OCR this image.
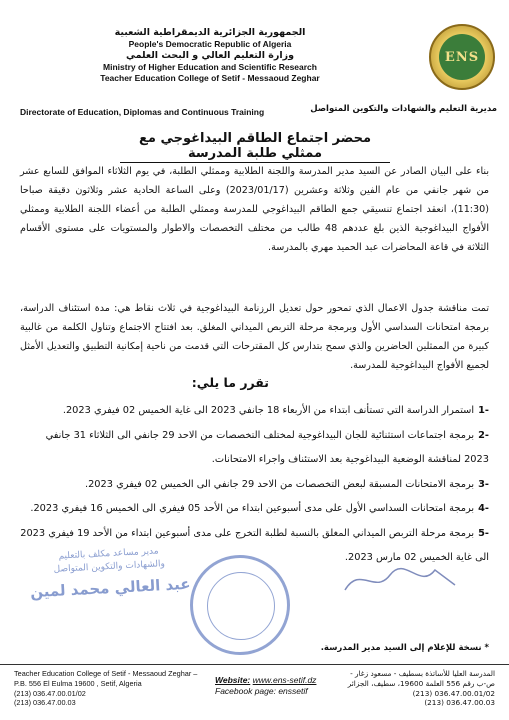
الجمهورية الجزائرية الديمقراطية الشعبية
People's Democratic Republic of Algeria
وزارة التعليم العالي و البحث العلمي
Ministry of Higher Education and Scientific Research
Teacher Education College of Setif - Messaoud Zeghar
ENS
Directorate of Education, Diplomas and Continuous Training	مديرية التعليم والشهادات والتكوين المتواصل
محضر اجتماع الطاقم البيداغوجي مع ممثلي طلبة المدرسة

بناء على البيان الصادر عن السيد مدير المدرسة واللجنة الطلابية وممثلي الطلبة، في يوم الثلاثاء الموافق للسابع عشر من شهر جانفي من عام الفين وثلاثة وعشرين (2023/01/17) وعلى الساعة الحادية عشر وثلاثون دقيقة صباحا (11:30)، انعقد اجتماع تنسيقي جمع الطاقم البيداغوجي للمدرسة وممثلي الطلبة من أعضاء اللجنة الطلابية وممثلي الأفواج البيداغوجية الذين بلغ عددهم 48 طالب من مختلف التخصصات والاطوار والمستويات على مستوى الأقسام الثلاثة في قاعة المحاضرات عبد الحميد مهري بالمدرسة.

تمت مناقشة جدول الاعمال الذي تمحور حول تعديل الرزنامة البيداغوجية في ثلاث نقاط هي: مدة استئناف الدراسة، برمجة امتحانات السداسي الأول وبرمجة مرحلة التربص الميداني المغلق. بعد افتتاح الاجتماع وتناول الكلمة من غالبية كبيرة من الممثلين الحاضرين والذي سمح بتدارس كل المقترحات التي قدمت من ناحية إمكانية التطبيق والتعديل الأمثل لجميع الأفواج البيداغوجية للمدرسة.

تقرر ما يلي:
-1استمرار الدراسة التي تستأنف ابتداء من الأربعاء 18 جانفي 2023 الى غاية الخميس 02 فيفري 2023.
-2برمجة اجتماعات استثنائية للجان البيداغوجية لمختلف التخصصات من الاحد 29 جانفي الى الثلاثاء 31 جانفي 2023 لمناقشة الوضعية البيداغوجية بعد الاستئناف واجراء الامتحانات.
-3برمجة الامتحانات المسبقة لبعض التخصصات من الاحد 29 جانفي الى الخميس 02 فيفري 2023.
-4برمجة امتحانات السداسي الأول على مدى أسبوعين ابتداء من الأحد 05 فيفري الى الخميس 16 فيفري 2023.
-5برمجة مرحلة التربص الميداني المغلق بالنسبة لطلبة التخرج على مدى أسبوعين ابتداء من الأحد 19 فيفري 2023 الى غاية الخميس 02 مارس 2023.
مدير مساعد مكلف بالتعليم
والشهادات والتكوين المتواصل
عبد العالي محمد لمين
* نسخة للإعلام إلى السيد مدير المدرسة.
Teacher Education College of Setif - Messaoud Zeghar –
P.B. 556 El Eulma 19600 , Setif, Algeria
(213) 036.47.00.01/02
(213) 036.47.00.03
Website: www.ens-setif.dz
Facebook page: enssetif
المدرسة العليا للأساتذة بسطيف - مسعود زغار -
ص-ب رقم 556 العلمة 19600، سطيف، الجزائر
(213) 036.47.00.01/02
(213) 036.47.00.03
